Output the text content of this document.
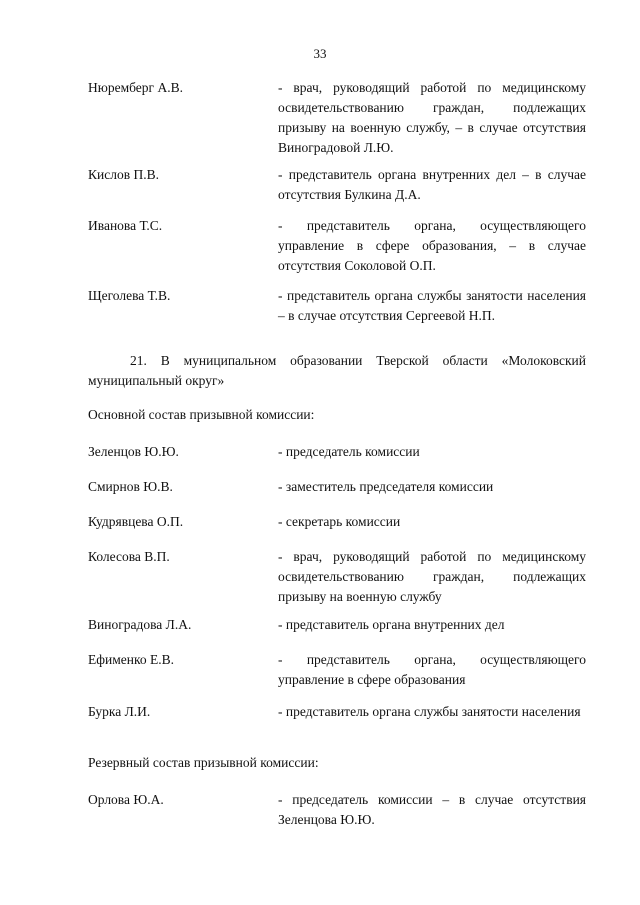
33
Нюремберг А.В.	- врач, руководящий работой по медицинскому освидетельствованию граждан, подлежащих призыву на военную службу, – в случае отсутствия Виноградовой Л.Ю.
Кислов П.В.	- представитель органа внутренних дел – в случае отсутствия Булкина Д.А.
Иванова Т.С.	- представитель органа, осуществляющего управление в сфере образования, – в случае отсутствия Соколовой О.П.
Щеголева Т.В.	- представитель органа службы занятости населения – в случае отсутствия Сергеевой Н.П.
21. В муниципальном образовании Тверской области «Молоковский муниципальный округ»
Основной состав призывной комиссии:
Зеленцов Ю.Ю.	- председатель комиссии
Смирнов Ю.В.	- заместитель председателя комиссии
Кудрявцева О.П.	- секретарь комиссии
Колесова В.П.	- врач, руководящий работой по медицинскому освидетельствованию граждан, подлежащих призыву на военную службу
Виноградова Л.А.	- представитель органа внутренних дел
Ефименко Е.В.	- представитель органа, осуществляющего управление в сфере образования
Бурка Л.И.	- представитель органа службы занятости населения
Резервный состав призывной комиссии:
Орлова Ю.А.	- председатель комиссии – в случае отсутствия Зеленцова Ю.Ю.
